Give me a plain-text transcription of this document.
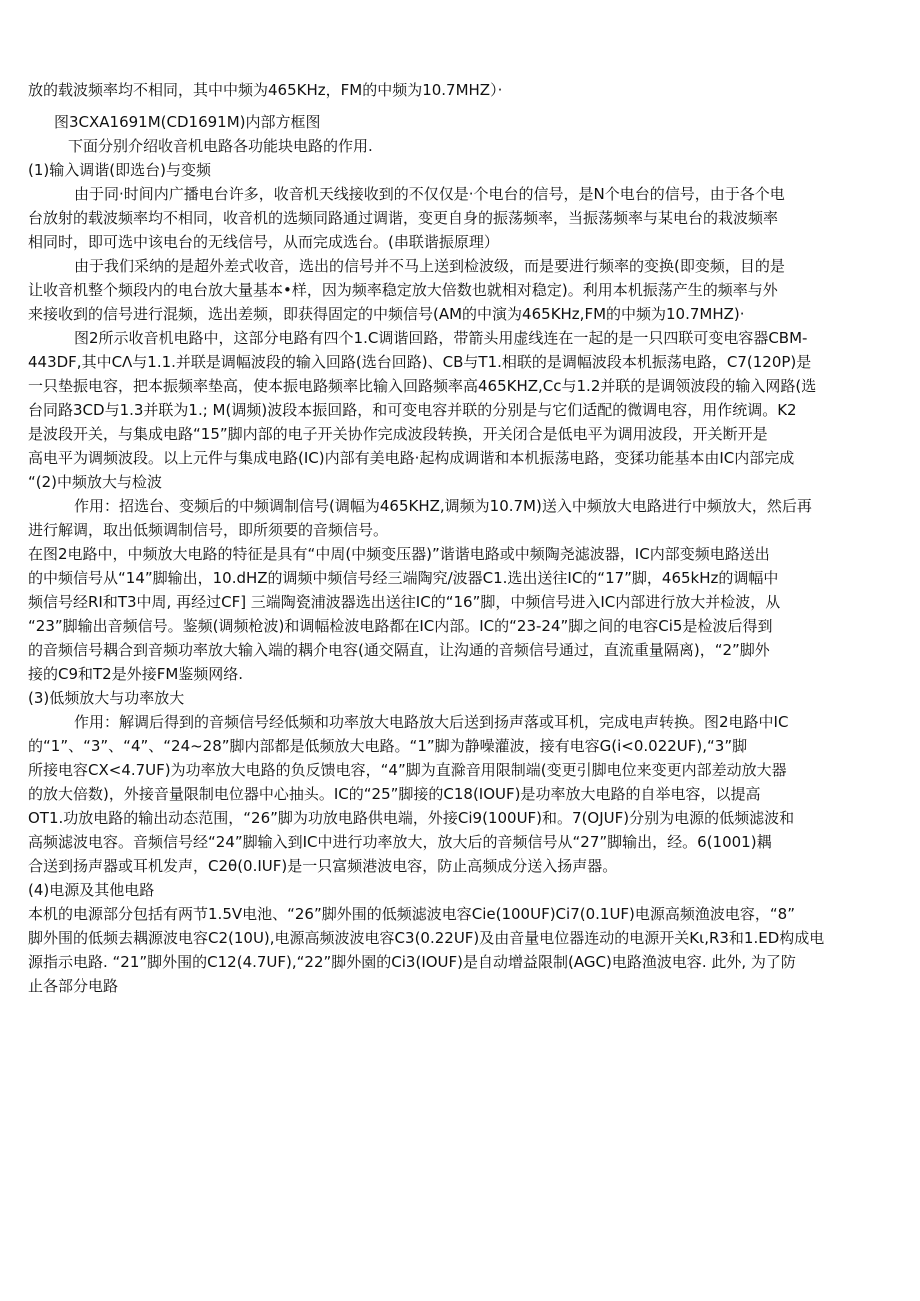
放的载波频率均不相同，其中中频为465KHz，FM的中频为10.7MHZ）·
图3CXA1691M(CD1691M)内部方框图
下面分别介绍收音机电路各功能块电路的作用.
(1)输入调谐(即选台)与变频
由于同·时间内广播电台许多，收音机天线接收到的不仅仅是·个电台的信号，是N个电台的信号，由于各个电
台放射的载波频率均不相同，收音机的选频同路通过调谐，变更自身的振荡频率，当振荡频率与某电台的栽波频率
相同时，即可选中该电台的无线信号，从而完成选台。(串联谐振原理）
由于我们采纳的是超外差式收音，选出的信号并不马上送到检波级，而是要进行频率的变换(即变频，目的是
让收音机整个频段内的电台放大量基本•样，因为频率稳定放大倍数也就相对稳定)。利用本机振荡产生的频率与外
来接收到的信号进行混频，选出差频，即获得固定的中频信号(AM的中演为465KHz,FM的中频为10.7MHZ)·
图2所示收音机电路中，这部分电路有四个1.C调谐回路，带箭头用虚线连在一起的是一只四联可变电容器CBM-
443DF,其中CΛ与1.1.并联是调幅波段的输入回路(选台回路)、CB与T1.相联的是调幅波段本机振荡电路，C7(120P)是
一只垫振电容，把本振频率垫高，使本振电路频率比输入回路频率高465KHZ,Cc与1.2并联的是调领波段的输入网路(选
台同路3CD与1.3并联为1.; M(调频)波段本振回路，和可变电容并联的分别是与它们适配的微调电容，用作统调。K2
是波段开关，与集成电路“15”脚内部的电子开关协作完成波段转换，开关闭合是低电平为调用波段，开关断开是
高电平为调频波段。以上元件与集成电路(IC)内部有美电路·起构成调谐和本机振荡电路，变猱功能基本由IC内部完成
“(2)中频放大与检波
作用：招选台、变频后的中频调制信号(调幅为465KHZ,调频为10.7M)送入中频放大电路进行中频放大，然后再
进行解调，取出低频调制信号，即所须要的音频信号。
在图2电路中，中频放大电路的特征是具有“中周(中频变压器)”谐谐电路或中频陶尧滤波器，IC内部变频电路送出
的中频信号从“14”脚输出，10.dHZ的调频中频信号经三端陶究/波器C1.选出送往IC的“17”脚，465kHz的调幅中
频信号经RI和T3中周, 再经过CF] 三端陶瓷浦波器选出送往IC的“16”脚，中频信号进入IC内部进行放大并检波，从
“23”脚输出音频信号。鉴频(调频枪波)和调幅检波电路都在IC内部。IC的“23-24”脚之间的电容Ci5是检波后得到
的音频信号耦合到音频功率放大输入端的耦介电容(通交隔直，让沟通的音频信号通过，直流重量隔离)，“2”脚外
接的C9和T2是外接FM鉴频网络.
(3)低频放大与功率放大
作用：解调后得到的音频信号经低频和功率放大电路放大后送到扬声落或耳机，完成电声转换。图2电路中IC
的“1”、“3”、“4”、“24~28”脚内部都是低频放大电路。“1”脚为静噪灌波，接有电容G(i<0.022UF),“3”脚
所接电容CX<4.7UF)为功率放大电路的负反馈电容，“4”脚为直滁音用限制端(变更引脚电位来变更内部差动放大器
的放大倍数)，外接音量限制电位器中心抽头。IC的“25”脚接的C18(IOUF)是功率放大电路的自举电容，以提高
OT1.功放电路的输出动态范围，“26”脚为功放电路供电端，外接Ci9(100UF)和。7(OJUF)分别为电源的低频滤波和
高频滤波电容。音频信号经“24”脚输入到IC中进行功率放大，放大后的音频信号从“27”脚输出，经。6(1001)耦
合送到扬声器或耳机发声，C2θ(0.IUF)是一只富频港波电容，防止高频成分送入扬声器。
(4)电源及其他电路
本机的电源部分包括有两节1.5V电池、“26”脚外围的低频滤波电容Cie(100UF)Ci7(0.1UF)电源高频渔波电容，“8”
脚外围的低频去耦源波电容C2(10U),电源高频波波电容C3(0.22UF)及由音量电位器连动的电源开关Kι,R3和1.ED构成电
源指示电路. “21”脚外围的C12(4.7UF),“22”脚外園的Ci3(IOUF)是自动增益限制(AGC)电路渔波电容. 此外, 为了防
止各部分电路
